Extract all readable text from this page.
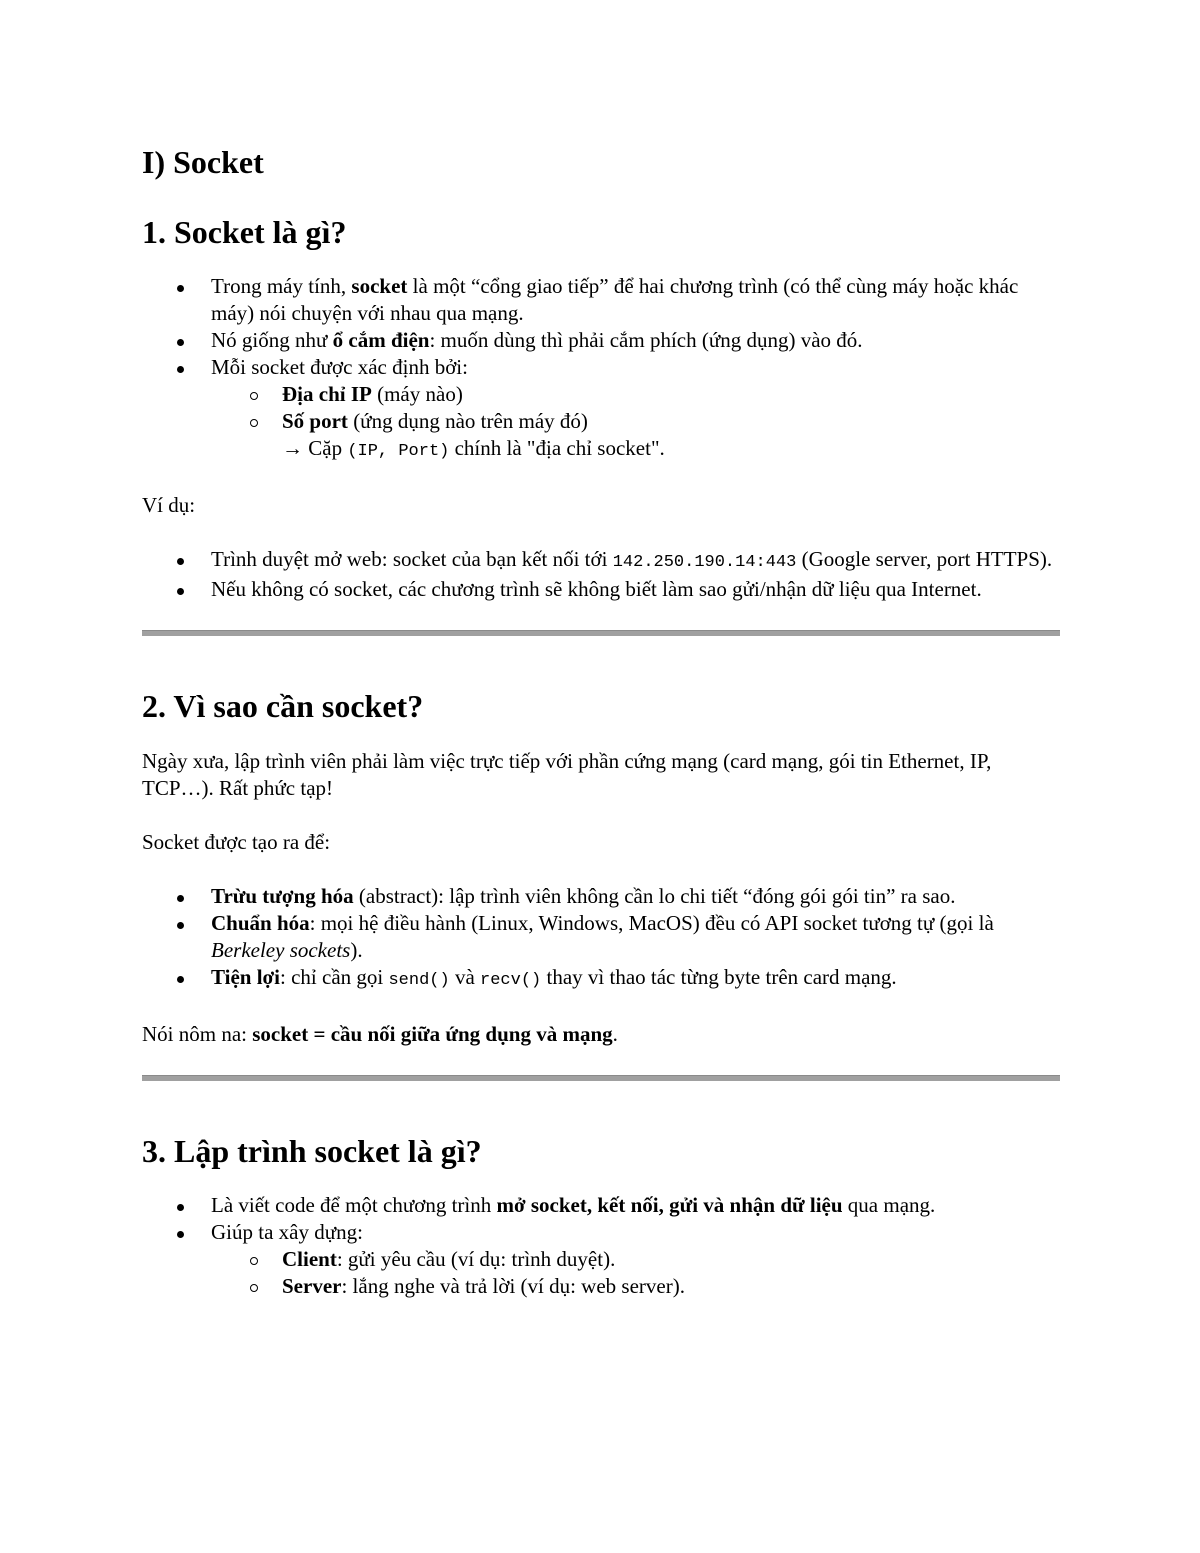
I) Socket
1. Socket là gì?
Trong máy tính, socket là một “cổng giao tiếp” để hai chương trình (có thể cùng máy hoặc khác máy) nói chuyện với nhau qua mạng.
Nó giống như ổ cắm điện: muốn dùng thì phải cắm phích (ứng dụng) vào đó.
Mỗi socket được xác định bởi:
Địa chỉ IP (máy nào)
Số port (ứng dụng nào trên máy đó)
→ Cặp (IP, Port) chính là "địa chỉ socket".

Ví dụ:

Trình duyệt mở web: socket của bạn kết nối tới 142.250.190.14:443 (Google server, port HTTPS).
Nếu không có socket, các chương trình sẽ không biết làm sao gửi/nhận dữ liệu qua Internet.
2. Vì sao cần socket?

Ngày xưa, lập trình viên phải làm việc trực tiếp với phần cứng mạng (card mạng, gói tin Ethernet, IP, TCP…). Rất phức tạp!

Socket được tạo ra để:

Trừu tượng hóa (abstract): lập trình viên không cần lo chi tiết “đóng gói gói tin” ra sao.
Chuẩn hóa: mọi hệ điều hành (Linux, Windows, MacOS) đều có API socket tương tự (gọi là Berkeley sockets).
Tiện lợi: chỉ cần gọi send() và recv() thay vì thao tác từng byte trên card mạng.

Nói nôm na: socket = cầu nối giữa ứng dụng và mạng.

3. Lập trình socket là gì?
Là viết code để một chương trình mở socket, kết nối, gửi và nhận dữ liệu qua mạng.
Giúp ta xây dựng:
Client: gửi yêu cầu (ví dụ: trình duyệt).
Server: lắng nghe và trả lời (ví dụ: web server).
